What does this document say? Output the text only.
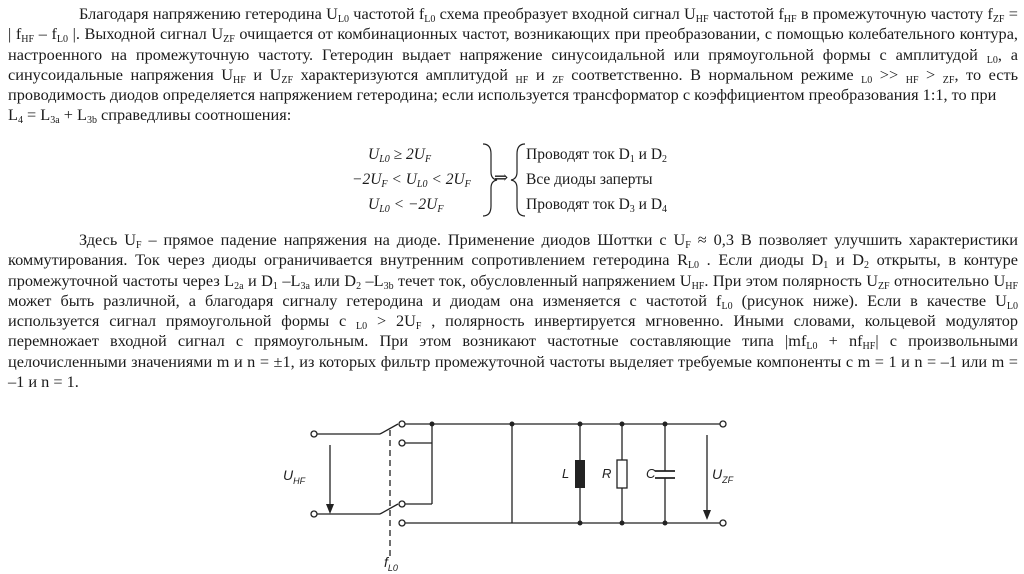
Благодаря напряжению гетеродина $U_{L0}$ частотой $f_{L0}$ схема преобразует входной сигнал $U_{HF}$ частотой $f_{HF}$ в промежуточную частоту $f_{ZF}$ = | $f_{HF} - f_{L0}$ |. Выходной сигнал $U_{ZF}$ очищается от комбинационных частот, возникающих при преобразовании, с помощью колебательного контура, настроенного на промежуточную частоту. Гетеродин выдает напряжение синусоидальной или прямоугольной формы с амплитудой $_{L0}$, а синусоидальные напряжения $U_{HF}$ и $U_{ZF}$ характеризуются амплитудой $_{HF}$ и $_{ZF}$ соответственно. В нормальном режиме $_{L0}$ >> $_{HF}$ > $_{ZF}$, то есть проводимость диодов определяется напряжением гетеродина; если используется трансформатор с коэффициентом преобразования 1:1, то при
$L_4 = L_{3a} + L_{3b}$ справедливы соотношения:
$U_{L0} \ge 2U_F$
$-2U_F < U_{L0} < 2U_F$
$U_{L0} < -2U_F$
⇒
Проводят ток $D_1$ и $D_2$
Все диоды заперты
Проводят ток $D_3$ и $D_4$
Здесь $U_F$ – прямое падение напряжения на диоде. Применение диодов Шоттки с $U_F \approx 0,3$ В позволяет улучшить характеристики коммутирования. Ток через диоды ограничивается внутренним сопротивлением гетеродина $R_{L0}$ . Если диоды $D_1$ и $D_2$ открыты, в контуре промежуточной частоты через $L_{2a}$ и $D_1$ $-L_{3a}$ или $D_2$ $-L_{3b}$ течет ток, обусловленный напряжением $U_{HF}$. При этом полярность $U_{ZF}$ относительно $U_{HF}$ может быть различной, а благодаря сигналу гетеродина и диодам она изменяется с частотой $f_{L0}$ (рисунок ниже). Если в качестве $U_{L0}$ используется сигнал прямоугольной формы с $_{L0} > 2U_F$ , полярность инвертируется мгновенно. Иными словами, кольцевой модулятор перемножает входной сигнал с прямоугольным. При этом возникают частотные составляющие типа $|mf_{L0} + nf_{HF}|$ с произвольными целочисленными значениями m и n = ±1, из которых фильтр промежуточной частоты выделяет требуемые компоненты с m = 1 и n = –1 или m = –1 и n = 1.
$U_{HF}$	$U_{ZF}$
$f_{L0}$
L	R	C
